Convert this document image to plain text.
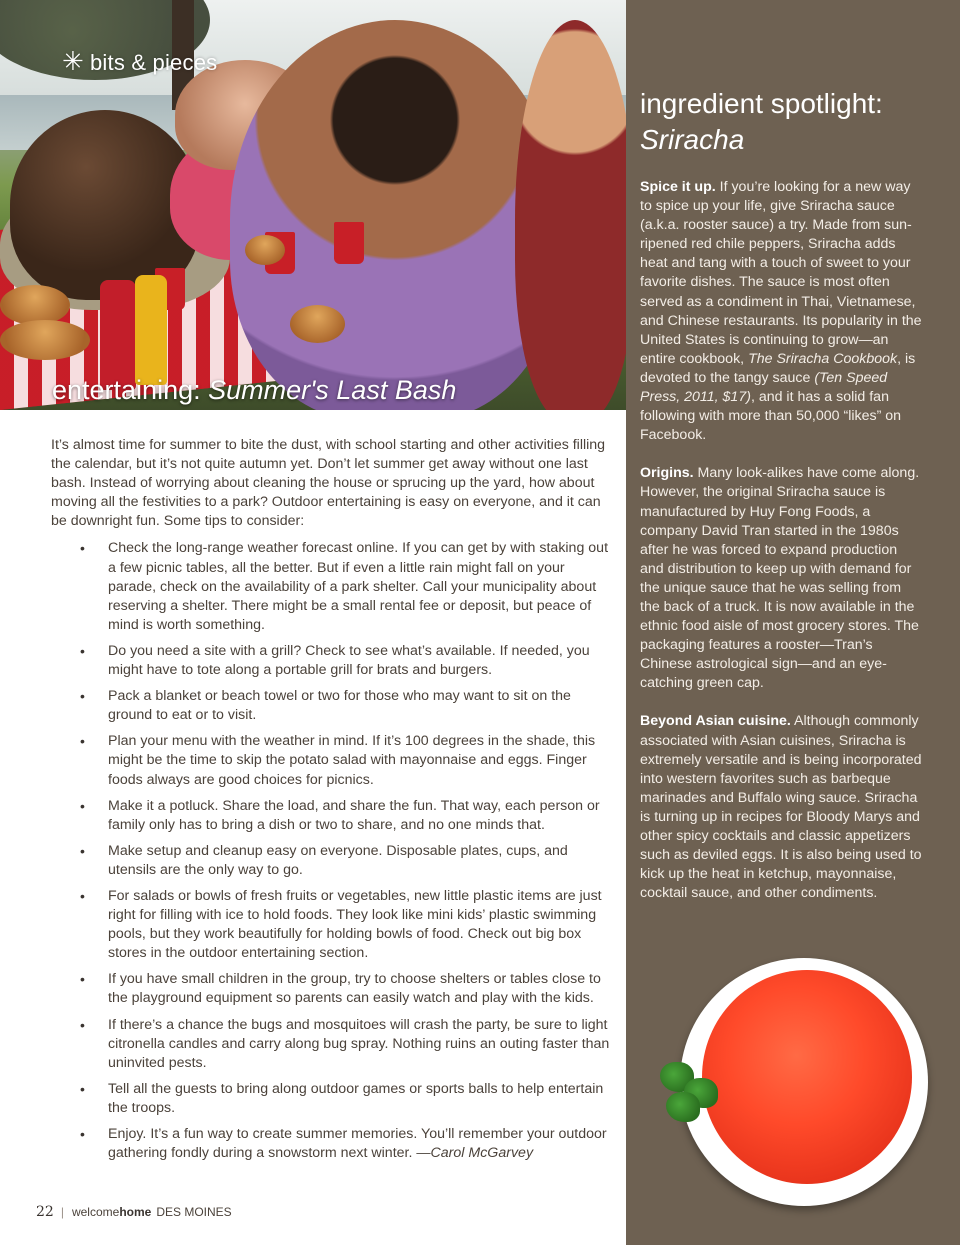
✳ bits & pieces
entertaining: Summer's Last Bash

It’s almost time for summer to bite the dust, with school starting and other activities filling the calendar, but it’s not quite autumn yet. Don’t let summer get away without one last bash. Instead of worrying about cleaning the house or sprucing up the yard, how about moving all the festivities to a park? Outdoor entertaining is easy on everyone, and it can be downright fun. Some tips to consider:

• Check the long-range weather forecast online. If you can get by with staking out a few picnic tables, all the better. But if even a little rain might fall on your parade, check on the availability of a park shelter. Call your municipality about reserving a shelter. There might be a small rental fee or deposit, but peace of mind is worth something.
• Do you need a site with a grill? Check to see what’s available. If needed, you might have to tote along a portable grill for brats and burgers.
• Pack a blanket or beach towel or two for those who may want to sit on the ground to eat or to visit.
• Plan your menu with the weather in mind. If it’s 100 degrees in the shade, this might be the time to skip the potato salad with mayonnaise and eggs. Finger foods always are good choices for picnics.
• Make it a potluck. Share the load, and share the fun. That way, each person or family only has to bring a dish or two to share, and no one minds that.
• Make setup and cleanup easy on everyone. Disposable plates, cups, and utensils are the only way to go.
• For salads or bowls of fresh fruits or vegetables, new little plastic items are just right for filling with ice to hold foods. They look like mini kids’ plastic swimming pools, but they work beautifully for holding bowls of food. Check out big box stores in the outdoor entertaining section.
• If you have small children in the group, try to choose shelters or tables close to the playground equipment so parents can easily watch and play with the kids.
• If there’s a chance the bugs and mosquitoes will crash the party, be sure to light citronella candles and carry along bug spray. Nothing ruins an outing faster than uninvited pests.
• Tell all the guests to bring along outdoor games or sports balls to help entertain the troops.
• Enjoy. It’s a fun way to create summer memories. You’ll remember your outdoor gathering fondly during a snowstorm next winter. —Carol McGarvey
22 | welcome home DES MOINES
ingredient spotlight:
Sriracha

Spice it up. If you’re looking for a new way to spice up your life, give Sriracha sauce (a.k.a. rooster sauce) a try. Made from sun-ripened red chile peppers, Sriracha adds heat and tang with a touch of sweet to your favorite dishes. The sauce is most often served as a condiment in Thai, Vietnamese, and Chinese restaurants. Its popularity in the United States is continuing to grow—an entire cookbook, The Sriracha Cookbook, is devoted to the tangy sauce (Ten Speed Press, 2011, $17), and it has a solid fan following with more than 50,000 “likes” on Facebook.

Origins. Many look-alikes have come along. However, the original Sriracha sauce is manufactured by Huy Fong Foods, a company David Tran started in the 1980s after he was forced to expand production and distribution to keep up with demand for the unique sauce that he was selling from the back of a truck. It is now available in the ethnic food aisle of most grocery stores. The packaging features a rooster—Tran’s Chinese astrological sign—and an eye-catching green cap.

Beyond Asian cuisine. Although commonly associated with Asian cuisines, Sriracha is extremely versatile and is being incorporated into western favorites such as barbeque marinades and Buffalo wing sauce. Sriracha is turning up in recipes for Bloody Marys and other spicy cocktails and classic appetizers such as deviled eggs. It is also being used to kick up the heat in ketchup, mayonnaise, cocktail sauce, and other condiments.
